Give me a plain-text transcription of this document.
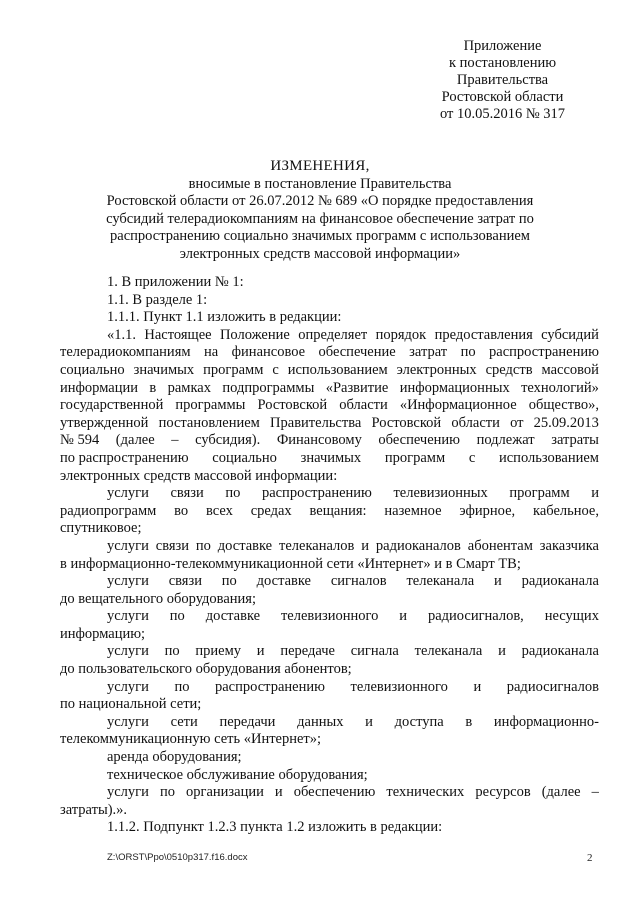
Приложение
к постановлению
Правительства
Ростовской области
от 10.05.2016 № 317
ИЗМЕНЕНИЯ,
вносимые в постановление Правительства
Ростовской области от 26.07.2012 № 689 «О порядке предоставления
субсидий телерадиокомпаниям на финансовое обеспечение затрат по
распространению социально значимых программ с использованием
электронных средств массовой информации»
1. В приложении № 1:
1.1. В разделе 1:
1.1.1. Пункт 1.1 изложить в редакции:
«1.1. Настоящее Положение определяет порядок предоставления субсидий
телерадиокомпаниям на финансовое обеспечение затрат по распространению
социально значимых программ с использованием электронных средств массовой
информации в рамках подпрограммы «Развитие информационных технологий»
государственной программы Ростовской области «Информационное общество»,
утвержденной постановлением Правительства Ростовской области от 25.09.2013
№ 594 (далее – субсидия). Финансовому обеспечению подлежат затраты
по распространению социально значимых программ с использованием
электронных средств массовой информации:
услуги связи по распространению телевизионных программ и
радиопрограмм во всех средах вещания: наземное эфирное, кабельное,
спутниковое;
услуги связи по доставке телеканалов и радиоканалов абонентам заказчика
в информационно-телекоммуникационной сети «Интернет» и в Смарт ТВ;
услуги связи по доставке сигналов телеканала и радиоканала
до вещательного оборудования;
услуги по доставке телевизионного и радиосигналов, несущих
информацию;
услуги по приему и передаче сигнала телеканала и радиоканала
до пользовательского оборудования абонентов;
услуги по распространению телевизионного и радиосигналов
по национальной сети;
услуги сети передачи данных и доступа в информационно-
телекоммуникационную сеть «Интернет»;
аренда оборудования;
техническое обслуживание оборудования;
услуги по организации и обеспечению технических ресурсов (далее –
затраты).».
1.1.2. Подпункт 1.2.3 пункта 1.2 изложить в редакции:
Z:\ORST\Ppo\0510p317.f16.docx	2
